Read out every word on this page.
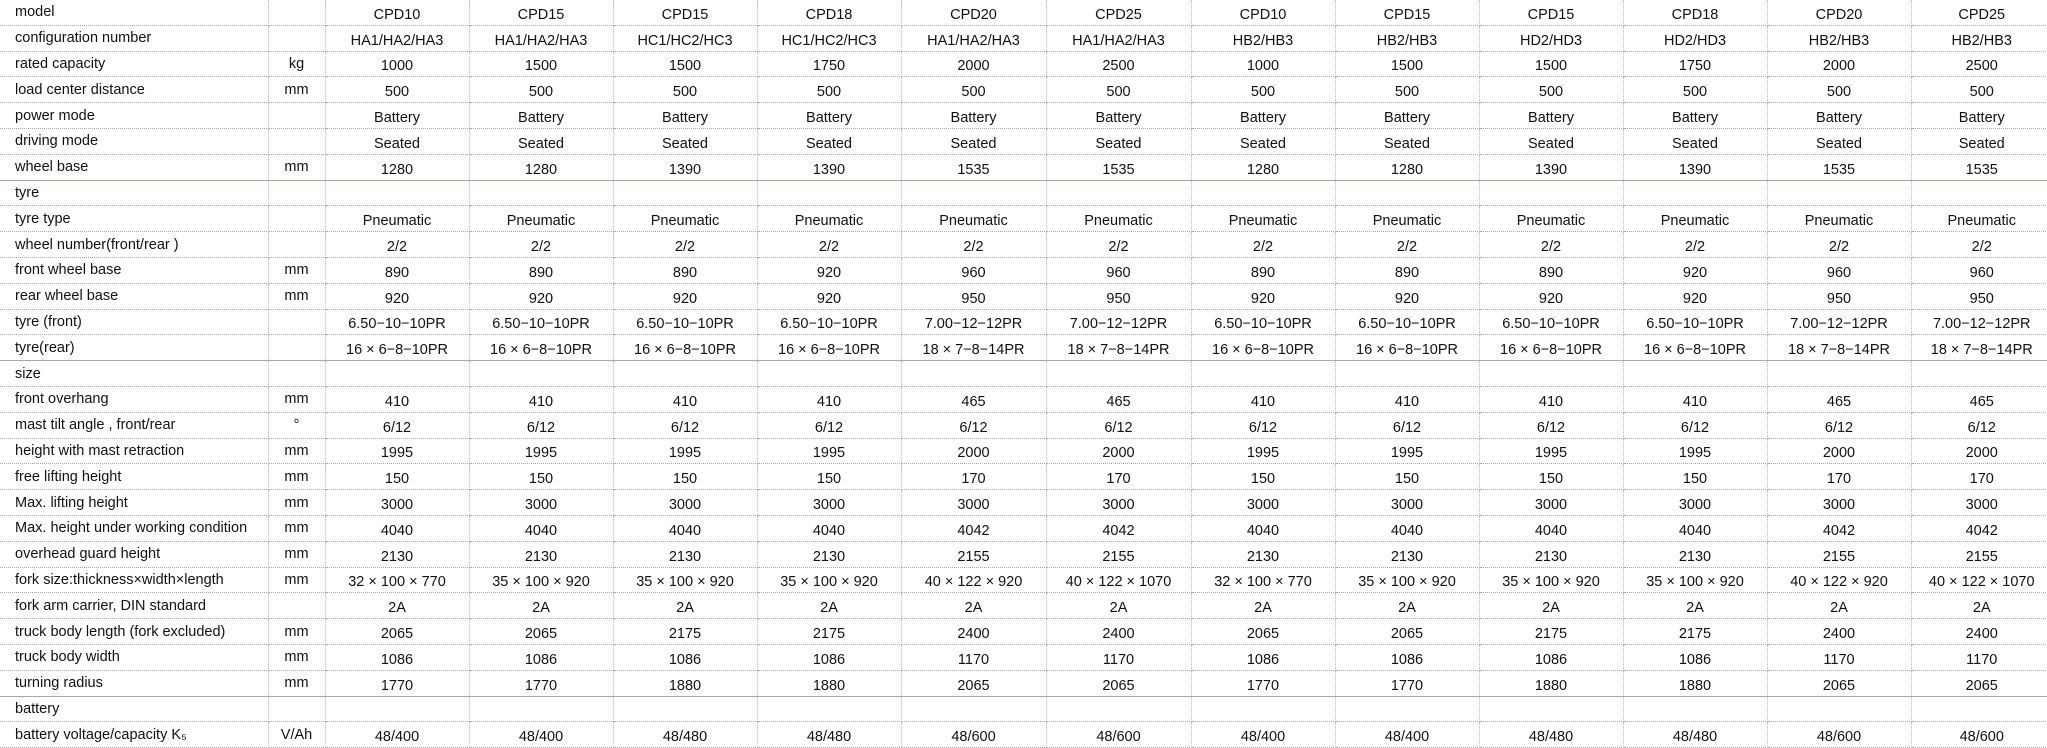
model		CPD10	CPD15	CPD15	CPD18	CPD20	CPD25	CPD10	CPD15	CPD15	CPD18	CPD20	CPD25
configuration number		HA1/HA2/HA3	HA1/HA2/HA3	HC1/HC2/HC3	HC1/HC2/HC3	HA1/HA2/HA3	HA1/HA2/HA3	HB2/HB3	HB2/HB3	HD2/HD3	HD2/HD3	HB2/HB3	HB2/HB3
rated capacity	kg	1000	1500	1500	1750	2000	2500	1000	1500	1500	1750	2000	2500
load center distance	mm	500	500	500	500	500	500	500	500	500	500	500	500
power mode		Battery	Battery	Battery	Battery	Battery	Battery	Battery	Battery	Battery	Battery	Battery	Battery
driving mode		Seated	Seated	Seated	Seated	Seated	Seated	Seated	Seated	Seated	Seated	Seated	Seated
wheel base	mm	1280	1280	1390	1390	1535	1535	1280	1280	1390	1390	1535	1535
tyre													
tyre type		Pneumatic	Pneumatic	Pneumatic	Pneumatic	Pneumatic	Pneumatic	Pneumatic	Pneumatic	Pneumatic	Pneumatic	Pneumatic	Pneumatic
wheel number(front/rear )		2/2	2/2	2/2	2/2	2/2	2/2	2/2	2/2	2/2	2/2	2/2	2/2
front wheel base	mm	890	890	890	920	960	960	890	890	890	920	960	960
rear wheel base	mm	920	920	920	920	950	950	920	920	920	920	950	950
tyre (front)		6.50−10−10PR	6.50−10−10PR	6.50−10−10PR	6.50−10−10PR	7.00−12−12PR	7.00−12−12PR	6.50−10−10PR	6.50−10−10PR	6.50−10−10PR	6.50−10−10PR	7.00−12−12PR	7.00−12−12PR
tyre(rear)		16 × 6−8−10PR	16 × 6−8−10PR	16 × 6−8−10PR	16 × 6−8−10PR	18 × 7−8−14PR	18 × 7−8−14PR	16 × 6−8−10PR	16 × 6−8−10PR	16 × 6−8−10PR	16 × 6−8−10PR	18 × 7−8−14PR	18 × 7−8−14PR
size													
front overhang	mm	410	410	410	410	465	465	410	410	410	410	465	465
mast tilt angle , front/rear	°	6/12	6/12	6/12	6/12	6/12	6/12	6/12	6/12	6/12	6/12	6/12	6/12
height with mast retraction	mm	1995	1995	1995	1995	2000	2000	1995	1995	1995	1995	2000	2000
free lifting height	mm	150	150	150	150	170	170	150	150	150	150	170	170
Max. lifting height	mm	3000	3000	3000	3000	3000	3000	3000	3000	3000	3000	3000	3000
Max. height under working condition	mm	4040	4040	4040	4040	4042	4042	4040	4040	4040	4040	4042	4042
overhead guard height	mm	2130	2130	2130	2130	2155	2155	2130	2130	2130	2130	2155	2155
fork size:thickness×width×length	mm	32 × 100 × 770	35 × 100 × 920	35 × 100 × 920	35 × 100 × 920	40 × 122 × 920	40 × 122 × 1070	32 × 100 × 770	35 × 100 × 920	35 × 100 × 920	35 × 100 × 920	40 × 122 × 920	40 × 122 × 1070
fork arm carrier, DIN standard		2A	2A	2A	2A	2A	2A	2A	2A	2A	2A	2A	2A
truck body length (fork excluded)	mm	2065	2065	2175	2175	2400	2400	2065	2065	2175	2175	2400	2400
truck body width	mm	1086	1086	1086	1086	1170	1170	1086	1086	1086	1086	1170	1170
turning radius	mm	1770	1770	1880	1880	2065	2065	1770	1770	1880	1880	2065	2065
battery													
battery voltage/capacity K₅	V/Ah	48/400	48/400	48/480	48/480	48/600	48/600	48/400	48/400	48/480	48/480	48/600	48/600
